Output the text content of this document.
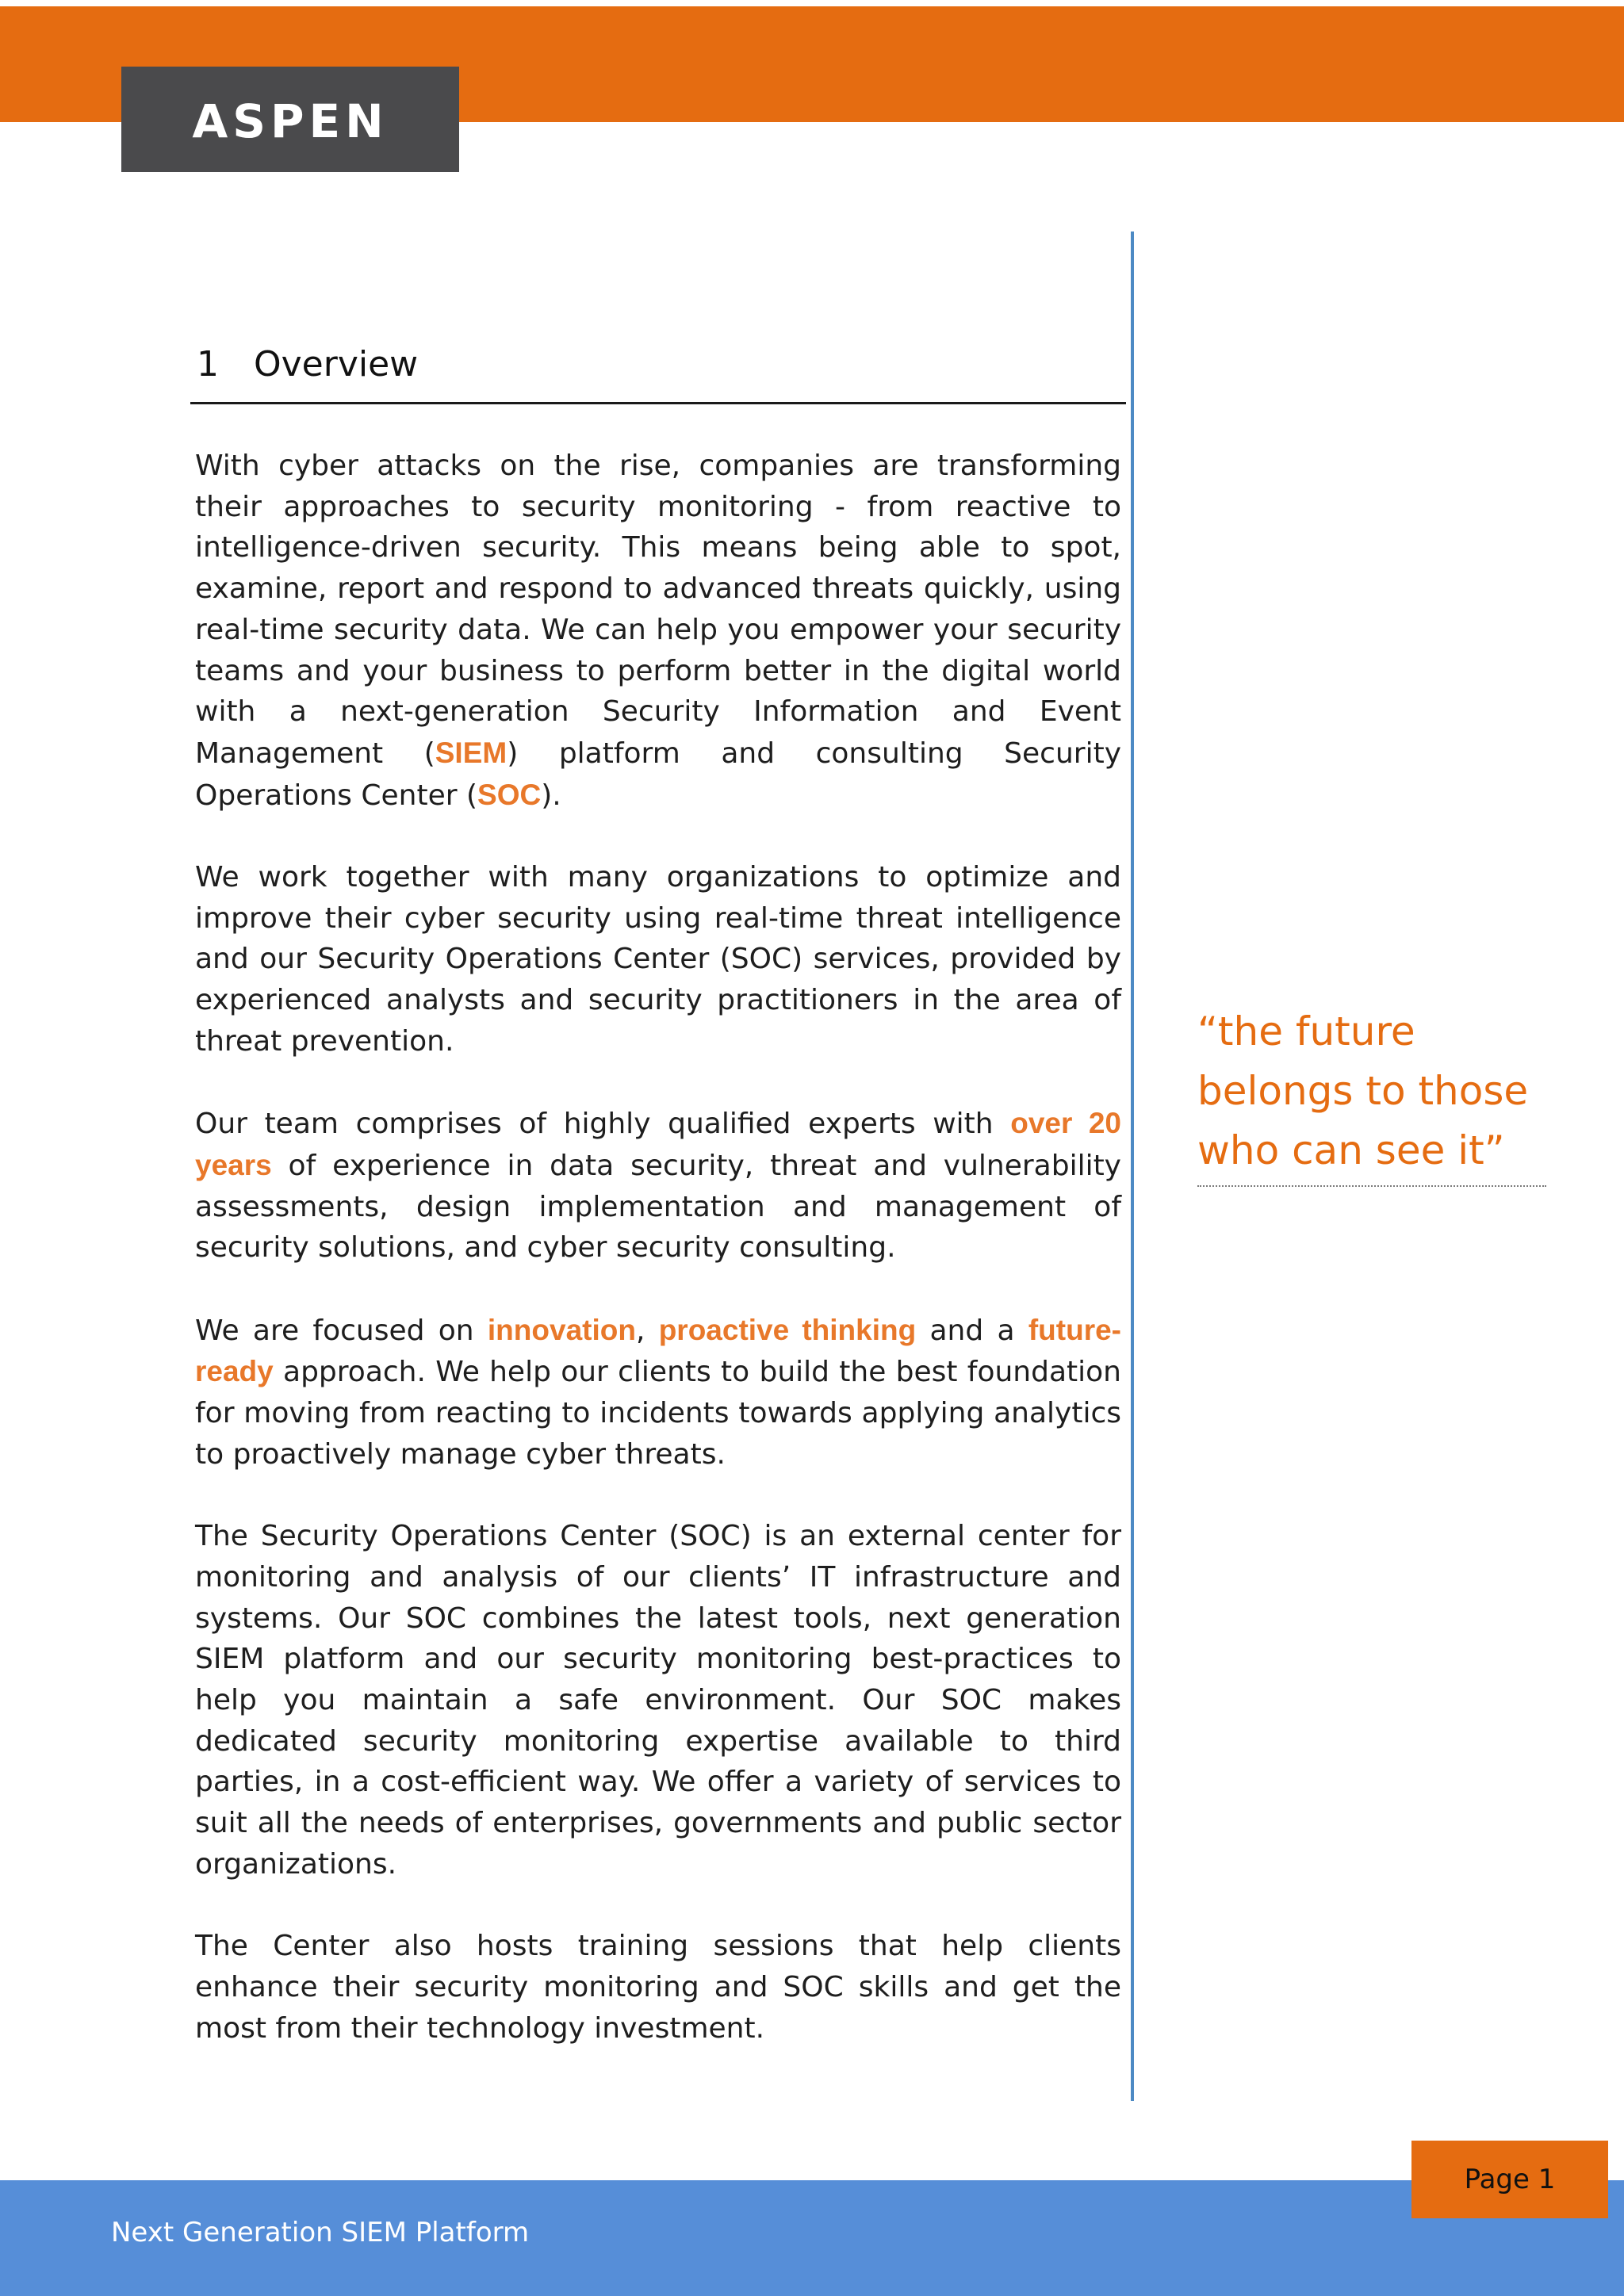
ASPEN
1 Overview

With cyber attacks on the rise, companies are transforming their approaches to security monitoring - from reactive to intelligence-driven security. This means being able to spot, examine, report and respond to advanced threats quickly, using real-time security data. We can help you empower your security teams and your business to perform better in the digital world with a next-generation Security Information and Event Management (SIEM) platform and consulting Security Operations Center (SOC).

We work together with many organizations to optimize and improve their cyber security using real-time threat intelligence and our Security Operations Center (SOC) services, provided by experienced analysts and security practitioners in the area of threat prevention.

Our team comprises of highly qualified experts with over 20 years of experience in data security, threat and vulnerability assessments, design implementation and management of security solutions, and cyber security consulting.

We are focused on innovation, proactive thinking and a future-ready approach. We help our clients to build the best foundation for moving from reacting to incidents towards applying analytics to proactively manage cyber threats.

The Security Operations Center (SOC) is an external center for monitoring and analysis of our clients’ IT infrastructure and systems. Our SOC combines the latest tools, next generation SIEM platform and our security monitoring best-practices to help you maintain a safe environment. Our SOC makes dedicated security monitoring expertise available to third parties, in a cost-efficient way. We offer a variety of services to suit all the needs of enterprises, governments and public sector organizations.

The Center also hosts training sessions that help clients enhance their security monitoring and SOC skills and get the most from their technology investment.

“the future
belongs to those
who can see it”
Next Generation SIEM Platform
Page 1
